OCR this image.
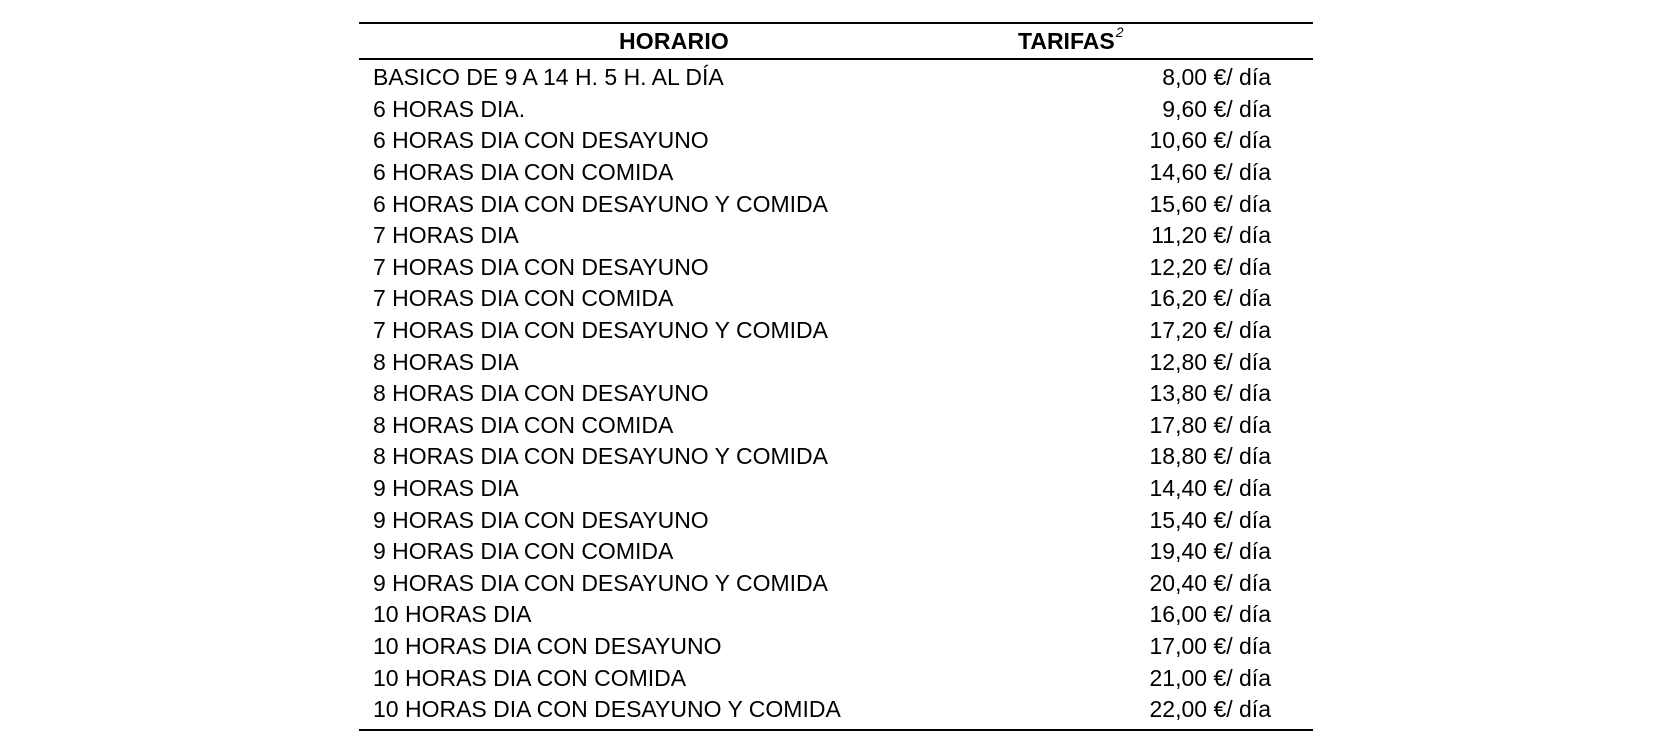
HORARIO	TARIFAS$^2$
BASICO DE 9 A 14 H. 5 H. AL DÍA	8,00 €/ día
6 HORAS DIA.	9,60 €/ día
6 HORAS DIA CON DESAYUNO	10,60 €/ día
6 HORAS DIA CON COMIDA	14,60 €/ día
6 HORAS DIA CON DESAYUNO Y COMIDA	15,60 €/ día
7 HORAS DIA	11,20 €/ día
7 HORAS DIA CON DESAYUNO	12,20 €/ día
7 HORAS DIA CON COMIDA	16,20 €/ día
7 HORAS DIA CON DESAYUNO Y COMIDA	17,20 €/ día
8 HORAS DIA	12,80 €/ día
8 HORAS DIA CON DESAYUNO	13,80 €/ día
8 HORAS DIA CON COMIDA	17,80 €/ día
8 HORAS DIA CON DESAYUNO Y COMIDA	18,80 €/ día
9 HORAS DIA	14,40 €/ día
9 HORAS DIA CON DESAYUNO	15,40 €/ día
9 HORAS DIA CON COMIDA	19,40 €/ día
9 HORAS DIA CON DESAYUNO Y COMIDA	20,40 €/ día
10 HORAS DIA	16,00 €/ día
10 HORAS DIA CON DESAYUNO	17,00 €/ día
10 HORAS DIA CON COMIDA	21,00 €/ día
10 HORAS DIA CON DESAYUNO Y COMIDA	22,00 €/ día
